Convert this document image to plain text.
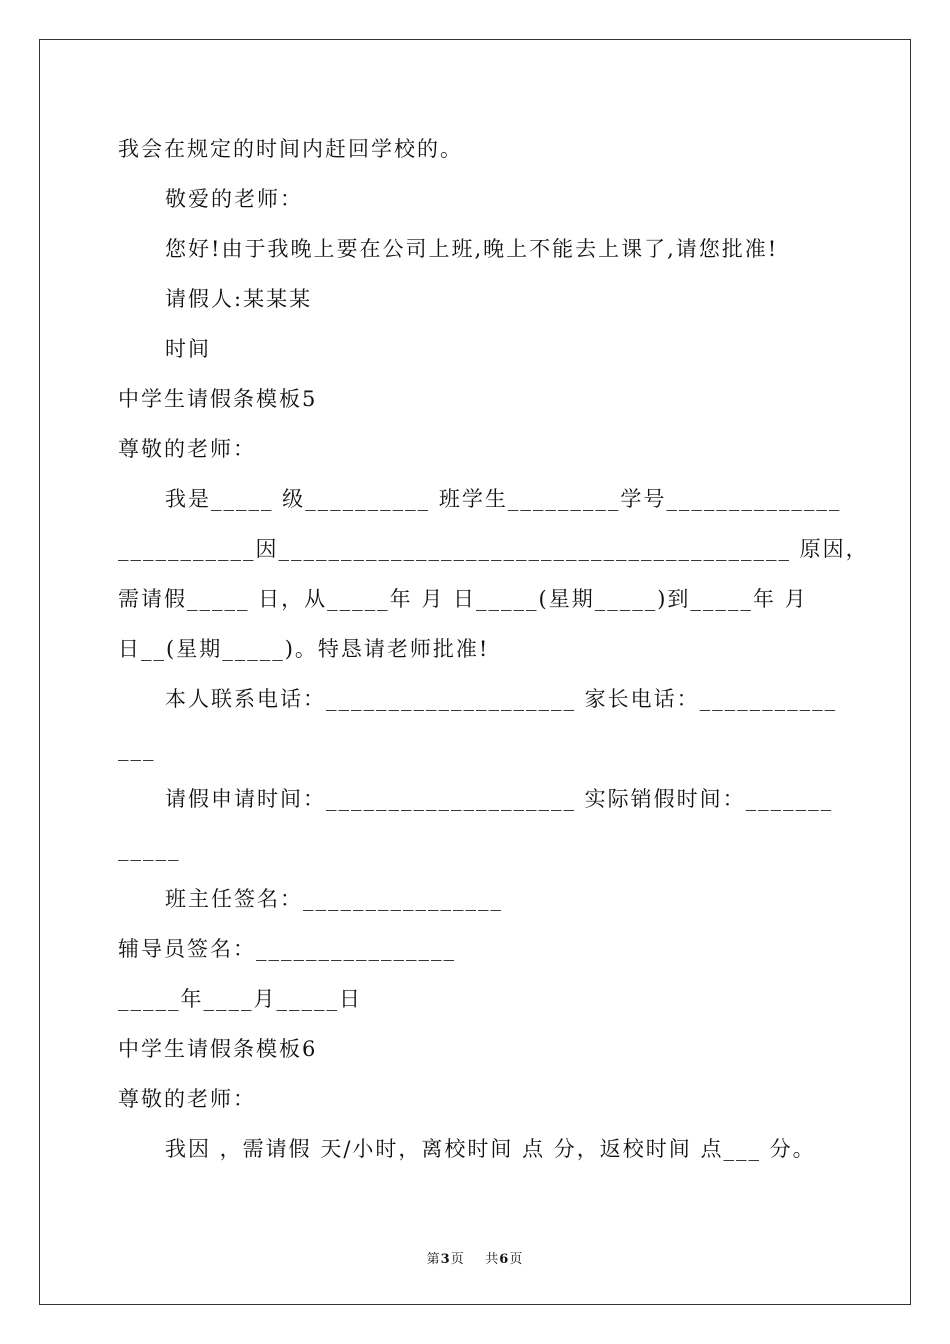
我会在规定的时间内赶回学校的。
敬爱的老师：
您好!由于我晚上要在公司上班,晚上不能去上课了,请您批准!
请假人:某某某
时间
中学生请假条模板5
尊敬的老师：
我是_____ 级__________ 班学生_________学号______________
___________因_________________________________________ 原因，
需请假_____ 日，从_____年 月 日_____(星期_____)到_____年 月
日__(星期_____)。特恳请老师批准!
本人联系电话：____________________ 家长电话：___________
___
请假申请时间：____________________ 实际销假时间：_______
_____
班主任签名：________________
辅导员签名：________________
_____年____月_____日
中学生请假条模板6
尊敬的老师：
我因 ，需请假 天/小时，离校时间 点 分，返校时间 点___ 分。
第3页 共6页
